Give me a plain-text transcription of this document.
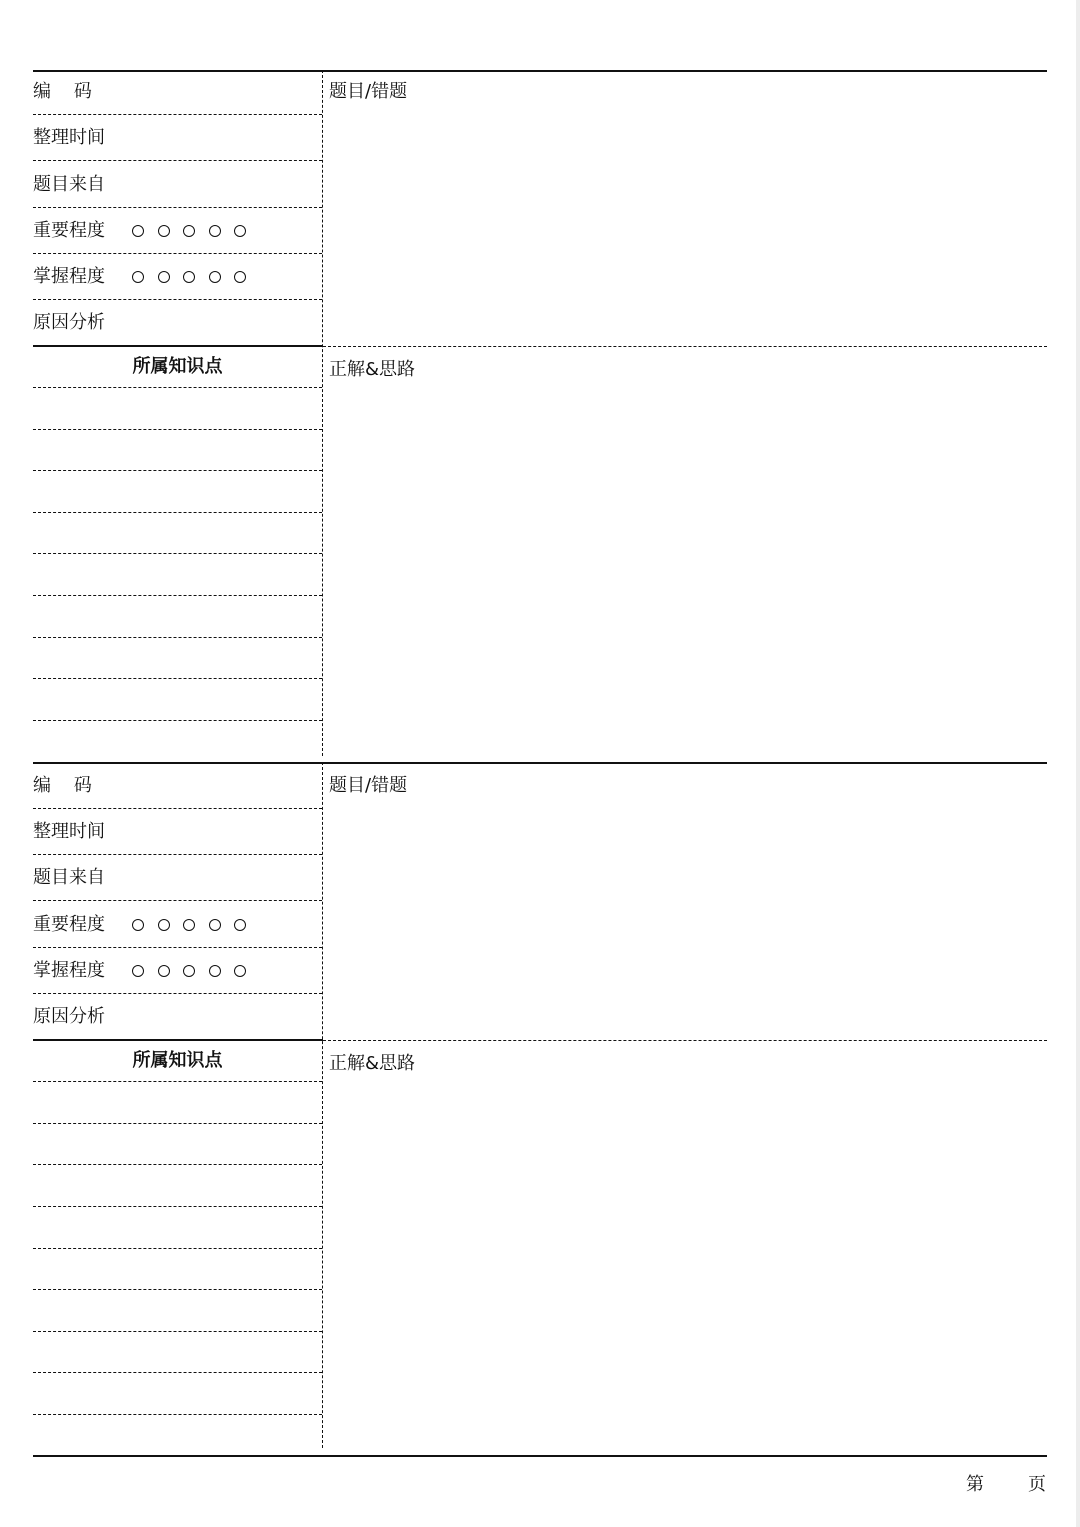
编    码
整理时间
题目来自
重要程度
掌握程度
原因分析
所属知识点
题目/错题
正解&思路
编    码
整理时间
题目来自
重要程度
掌握程度
原因分析
所属知识点
题目/错题
正解&思路
第 页
